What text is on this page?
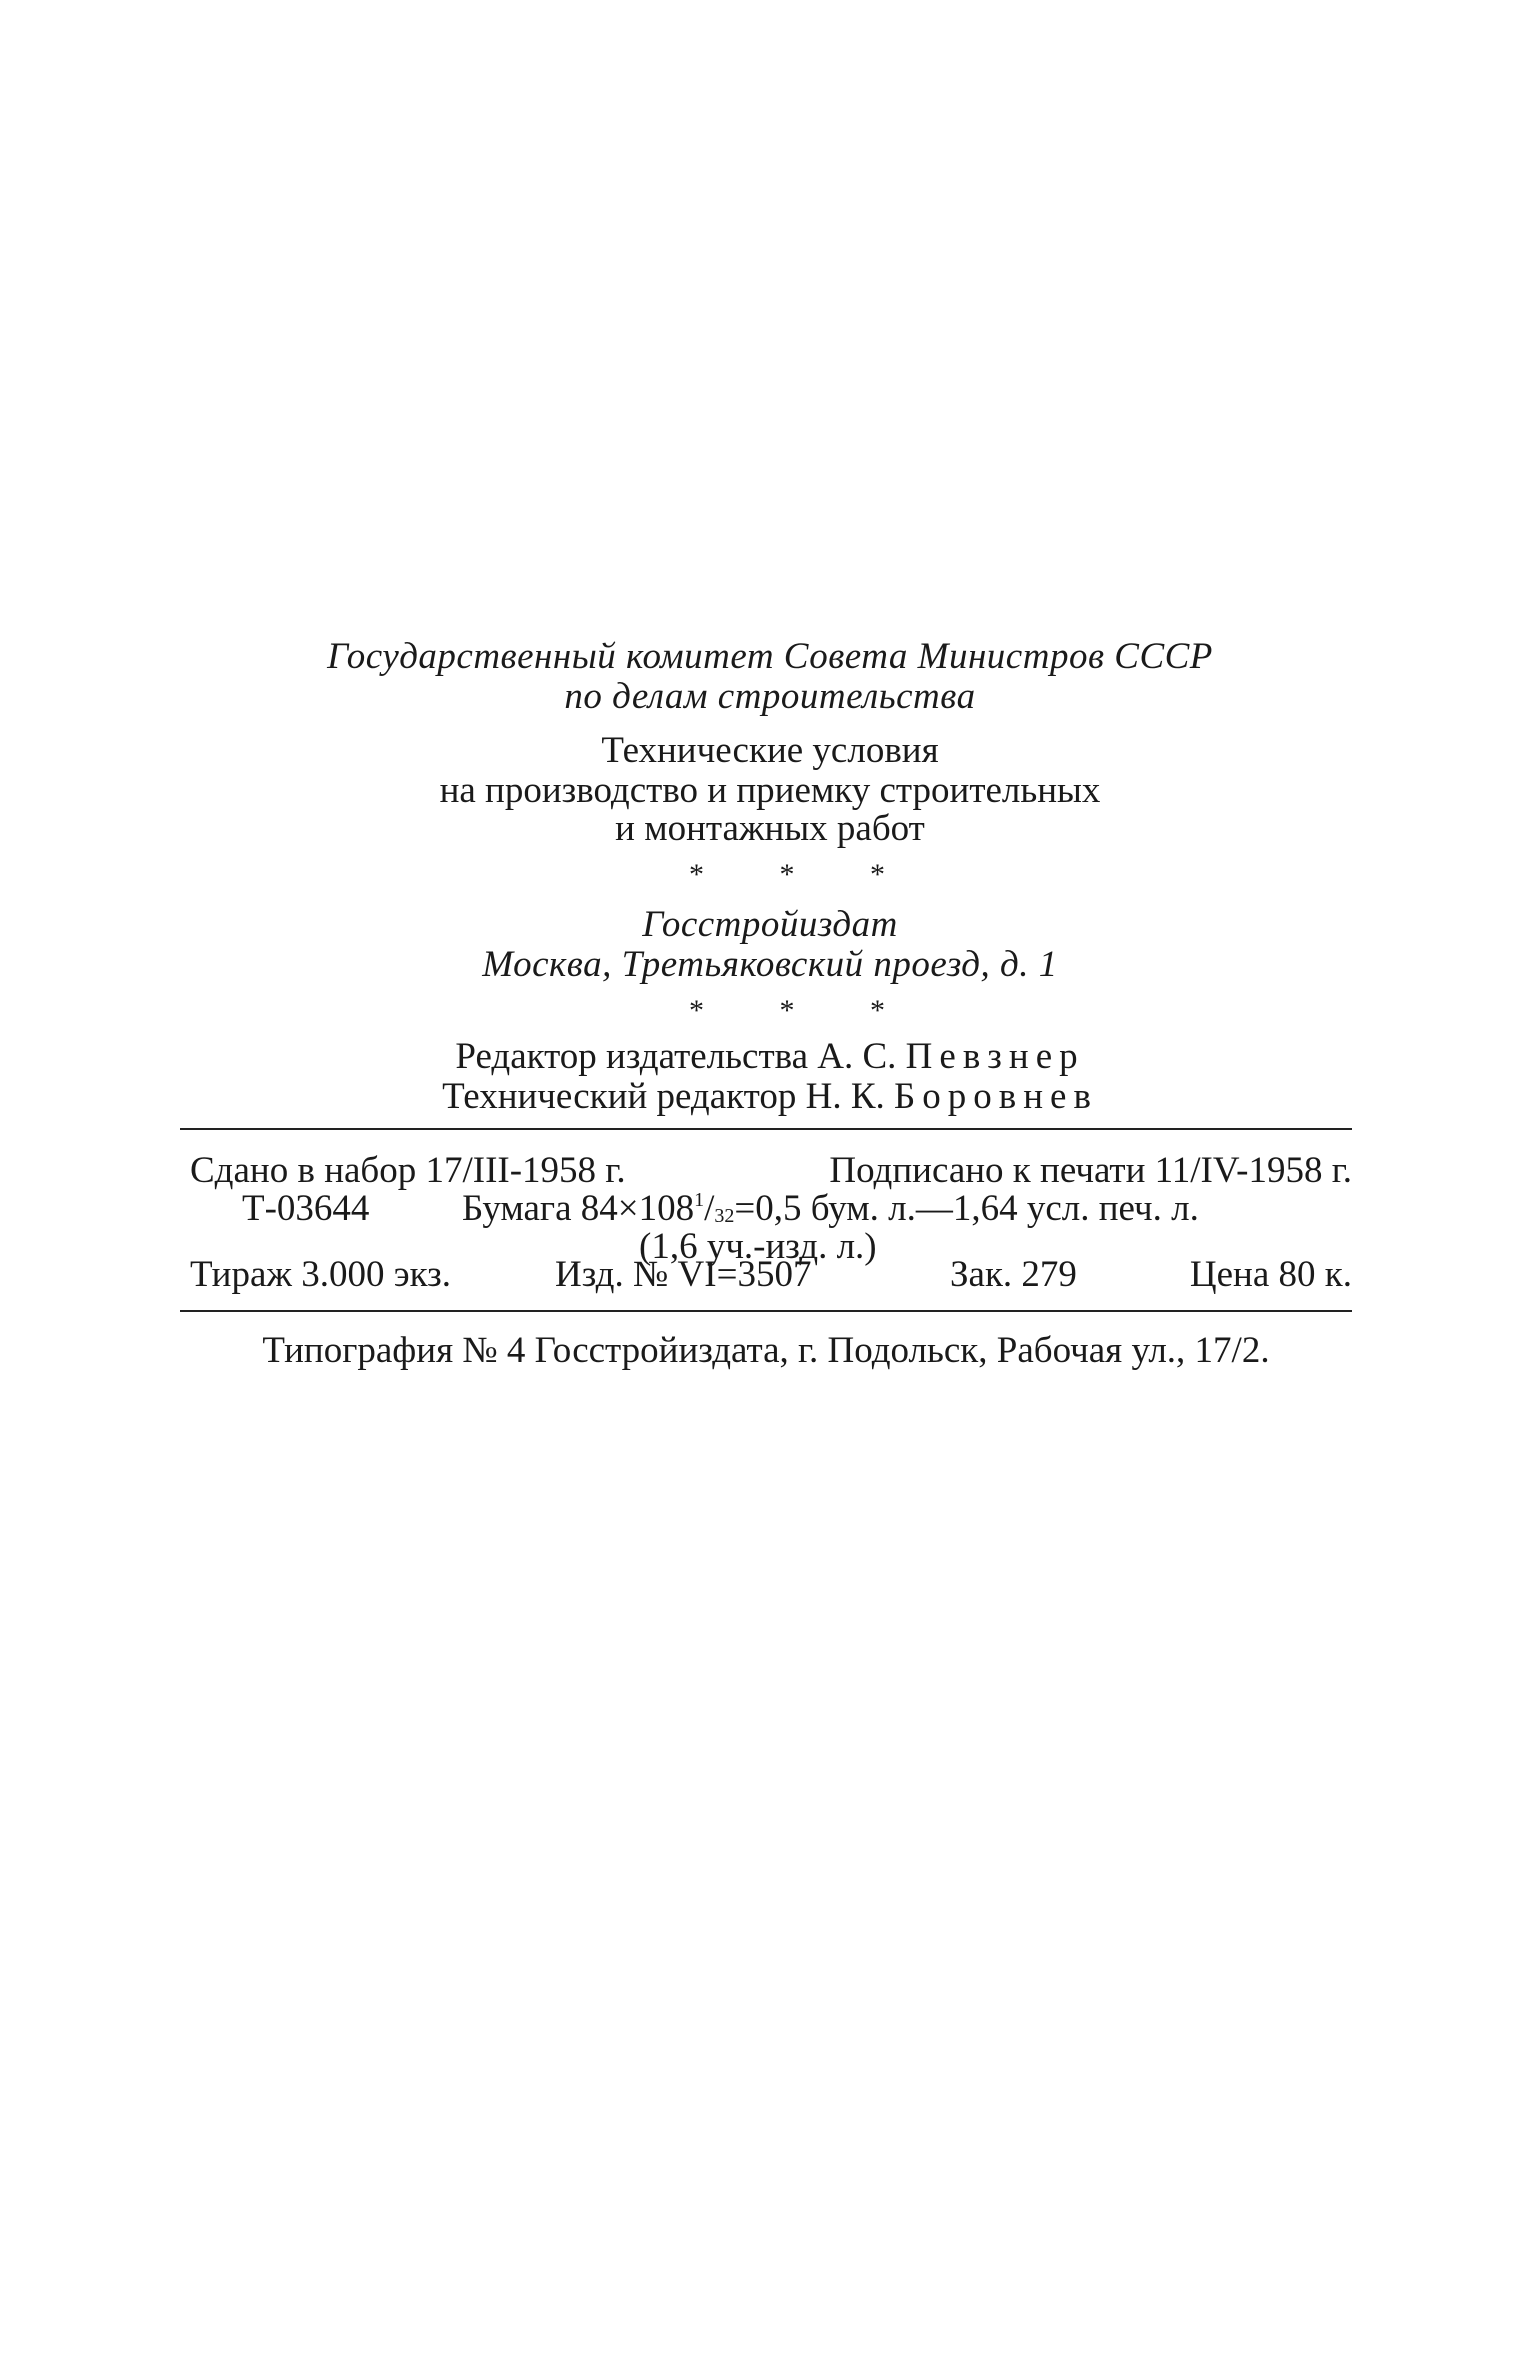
Государственный комитет Совета Министров СССР
по делам строительства
Технические условия
на производство и приемку строительных
и монтажных работ
* * *
Госстройиздат
Москва, Третьяковский проезд, д. 1
* * *
Редактор издательства А. С. Певзнер
Технический редактор Н. К. Боровнев
Сдано в набор 17/III-1958 г.	Подписано к печати 11/IV-1958 г.
Т-03644	Бумага $84\times 108^1/_{32}=0,5$ бум. л.—1,64 усл. печ. л.
(1,6 уч.-изд. л.)
Тираж 3.000 экз.	Изд. № VI=3507	Зак. 279	Цена 80 к.
Типография № 4 Госстройиздата, г. Подольск, Рабочая ул., 17/2.
